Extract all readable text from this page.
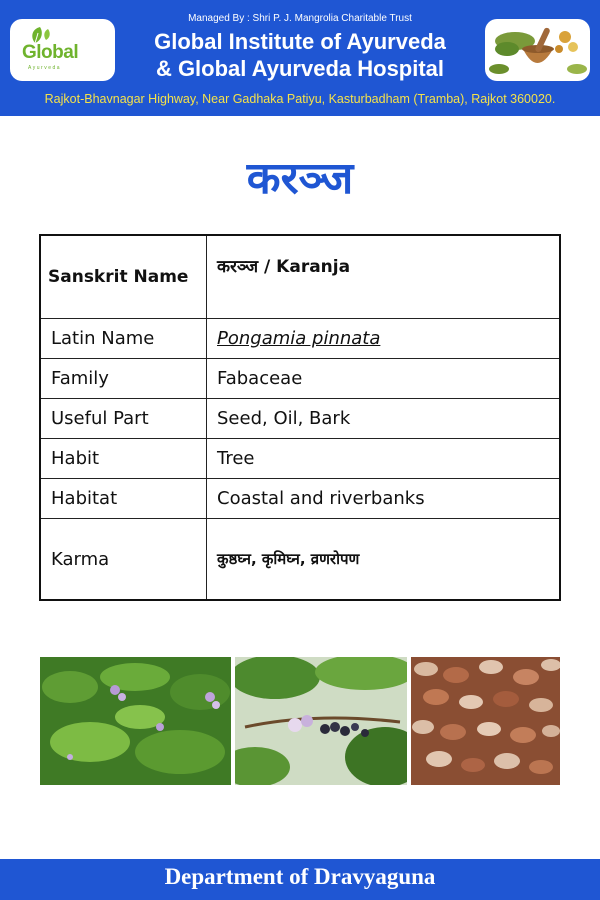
Managed By : Shri P. J. Mangrolia Charitable Trust
Global Institute of Ayurveda
& Global Ayurveda Hospital
Global
Ayurveda
Rajkot-Bhavnagar Highway, Near Gadhaka Patiyu, Kasturbadham (Tramba), Rajkot 360020.
करञ्ज
Sanskrit Name	करञ्ज / Karanja
Latin Name	Pongamia pinnata
Family	Fabaceae
Useful Part	Seed, Oil, Bark
Habit	Tree
Habitat	Coastal and riverbanks
Karma	कुष्ठघ्न, कृमिघ्न, व्रणरोपण
Department of Dravyaguna
